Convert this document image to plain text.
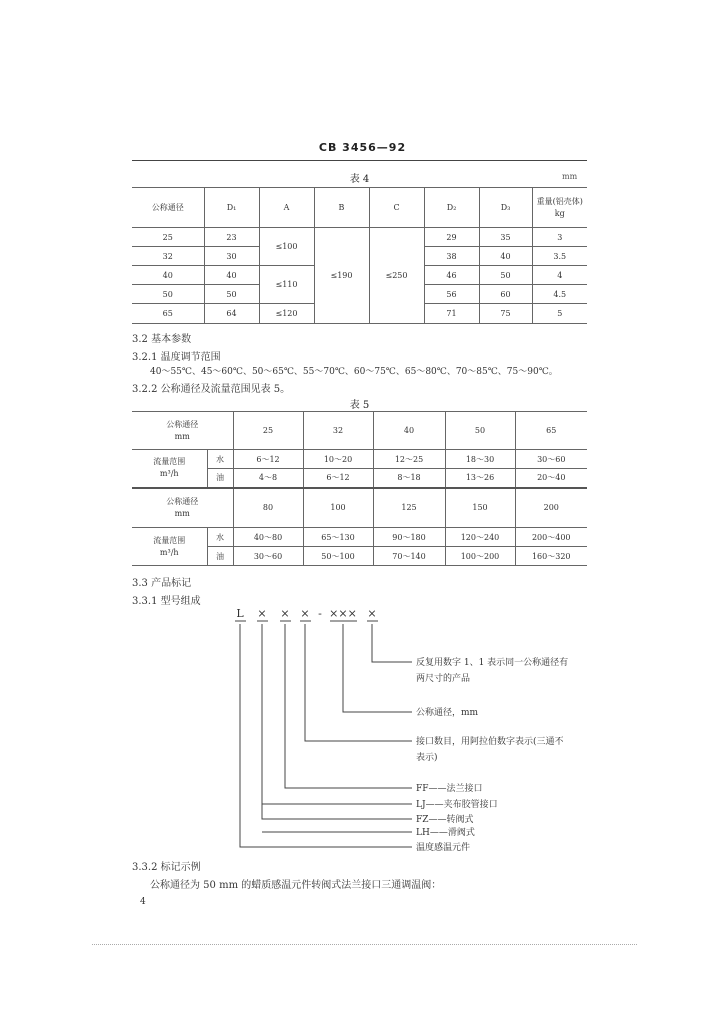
CB 3456—92
表 4	mm
公称通径	D₁	A	B	C	D₂	D₃	重量(铝壳体)
kg
25	23	≤100	≤190	≤250	29	35	3
32	30				38	40	3.5
40	40	≤110			46	50	4
50	50				56	60	4.5
65	64	≤120			71	75	5
3.2 基本参数
3.2.1 温度调节范围
40～55℃、45～60℃、50～65℃、55～70℃、60～75℃、65～80℃、70～85℃、75～90℃。
3.2.2 公称通径及流量范围见表 5。
表 5
公称通径
mm		25	32	40	50	65

流量范围
m³/h	水	6～12	10～20	12～25	18～30	30～60
	油	4～8	6～12	8～18	13～26	20～40

公称通径
mm		80	100	125	150	200

流量范围
m³/h	水	40～80	65～130	90～180	120～240	200～400
	油	30～60	50～100	70～140	100～200	160～320
3.3 产品标记
3.3.1 型号组成
L × × × - ××× ×
反复用数字 1、1 表示同一公称通径有
两尺寸的产品
公称通径，mm
接口数目，用阿拉伯数字表示(三通不
表示)
FF——法兰接口
LJ——夹布胶管接口
FZ——转阀式
LH——滑阀式
温度感温元件
3.3.2 标记示例
公称通径为 50 mm 的蜡质感温元件转阀式法兰接口三通调温阀：
4
